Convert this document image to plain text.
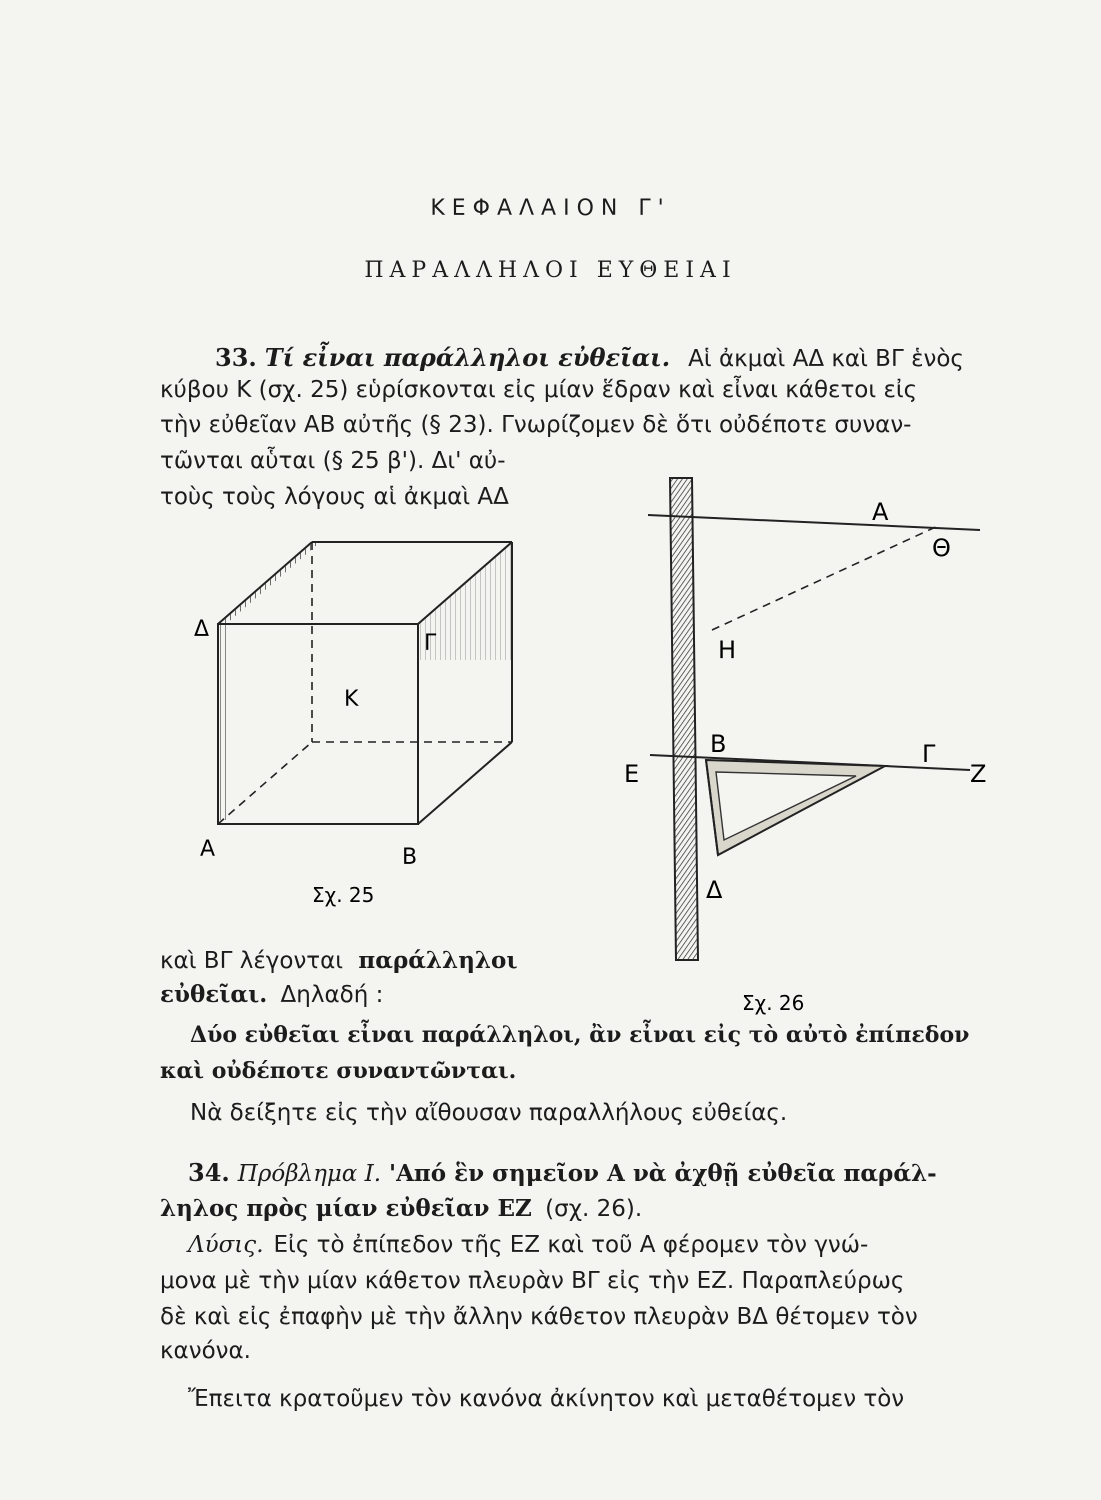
ΚΕΦΑΛΑΙΟΝ Γ'
ΠΑΡΑΛΛΗΛΟΙ ΕΥΘΕΙΑΙ
33. Τί εἶναι παράλληλοι εὐθεῖαι. Αἱ ἀκμαὶ ΑΔ καὶ ΒΓ ἑνὸς
κύβου Κ (σχ. 25) εὑρίσκονται εἰς μίαν ἕδραν καὶ εἶναι κάθετοι εἰς
τὴν εὐθεῖαν ΑΒ αὐτῆς (§ 23). Γνωρίζομεν δὲ ὅτι οὐδέποτε συναν-
τῶνται αὗται (§ 25 β'). Δι' αὐ-
τοὺς τοὺς λόγους αἱ ἀκμαὶ ΑΔ
καὶ ΒΓ λέγονται παράλληλοι
εὐθεῖαι. Δηλαδή :
Δύο εὐθεῖαι εἶναι παράλληλοι, ἂν εἶναι εἰς τὸ αὐτὸ ἐπίπεδον
καὶ οὐδέποτε συναντῶνται.
Νὰ δείξητε εἰς τὴν αἴθουσαν παραλλήλους εὐθείας.
34. Πρόβλημα Ι. 'Από ἓν σημεῖον Α νὰ ἀχθῇ εὐθεῖα παράλ-
ληλος πρὸς μίαν εὐθεῖαν ΕΖ (σχ. 26).
Λύσις. Εἰς τὸ ἐπίπεδον τῆς ΕΖ καὶ τοῦ Α φέρομεν τὸν γνώ-
μονα μὲ τὴν μίαν κάθετον πλευρὰν ΒΓ εἰς τὴν ΕΖ. Παραπλεύρως
δὲ καὶ εἰς ἐπαφὴν μὲ τὴν ἄλλην κάθετον πλευρὰν ΒΔ θέτομεν τὸν
κανόνα.
Ἔπειτα κρατοῦμεν τὸν κανόνα ἀκίνητον καὶ μεταθέτομεν τὸν
Δ
Γ
Κ
Α	Β
Σχ. 25
Α
Θ
Η
Β	Γ
Ε	Ζ
Δ
Σχ. 26
